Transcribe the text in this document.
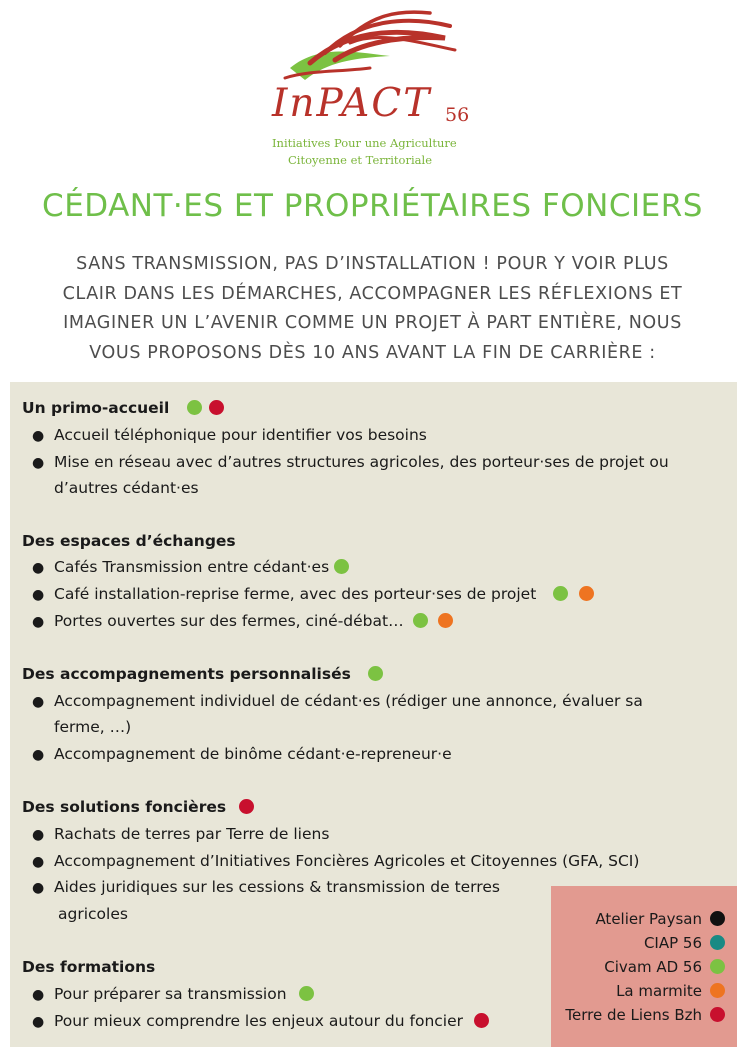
InPACT 56
Initiatives Pour une Agriculture
Citoyenne et Territoriale
CÉDANT·ES ET PROPRIÉTAIRES FONCIERS
SANS TRANSMISSION, PAS D’INSTALLATION ! POUR Y VOIR PLUS
CLAIR DANS LES DÉMARCHES, ACCOMPAGNER LES RÉFLEXIONS ET
IMAGINER UN L’AVENIR COMME UN PROJET À PART ENTIÈRE, NOUS
VOUS PROPOSONS DÈS 10 ANS AVANT LA FIN DE CARRIÈRE :
Un primo-accueil
● Accueil téléphonique pour identifier vos besoins
● Mise en réseau avec d’autres structures agricoles, des porteur·ses de projet ou
d’autres cédant·es
Des espaces d’échanges
● Cafés Transmission entre cédant·es
● Café installation-reprise ferme, avec des porteur·ses de projet
● Portes ouvertes sur des fermes, ciné-débat…
Des accompagnements personnalisés
● Accompagnement individuel de cédant·es (rédiger une annonce, évaluer sa
ferme, …)
● Accompagnement de binôme cédant·e-repreneur·e
Des solutions foncières
● Rachats de terres par Terre de liens
● Accompagnement d’Initiatives Foncières Agricoles et Citoyennes (GFA, SCI)
● Aides juridiques sur les cessions & transmission de terres
agricoles
Des formations
● Pour préparer sa transmission
● Pour mieux comprendre les enjeux autour du foncier
Atelier Paysan
CIAP 56
Civam AD 56
La marmite
Terre de Liens Bzh
